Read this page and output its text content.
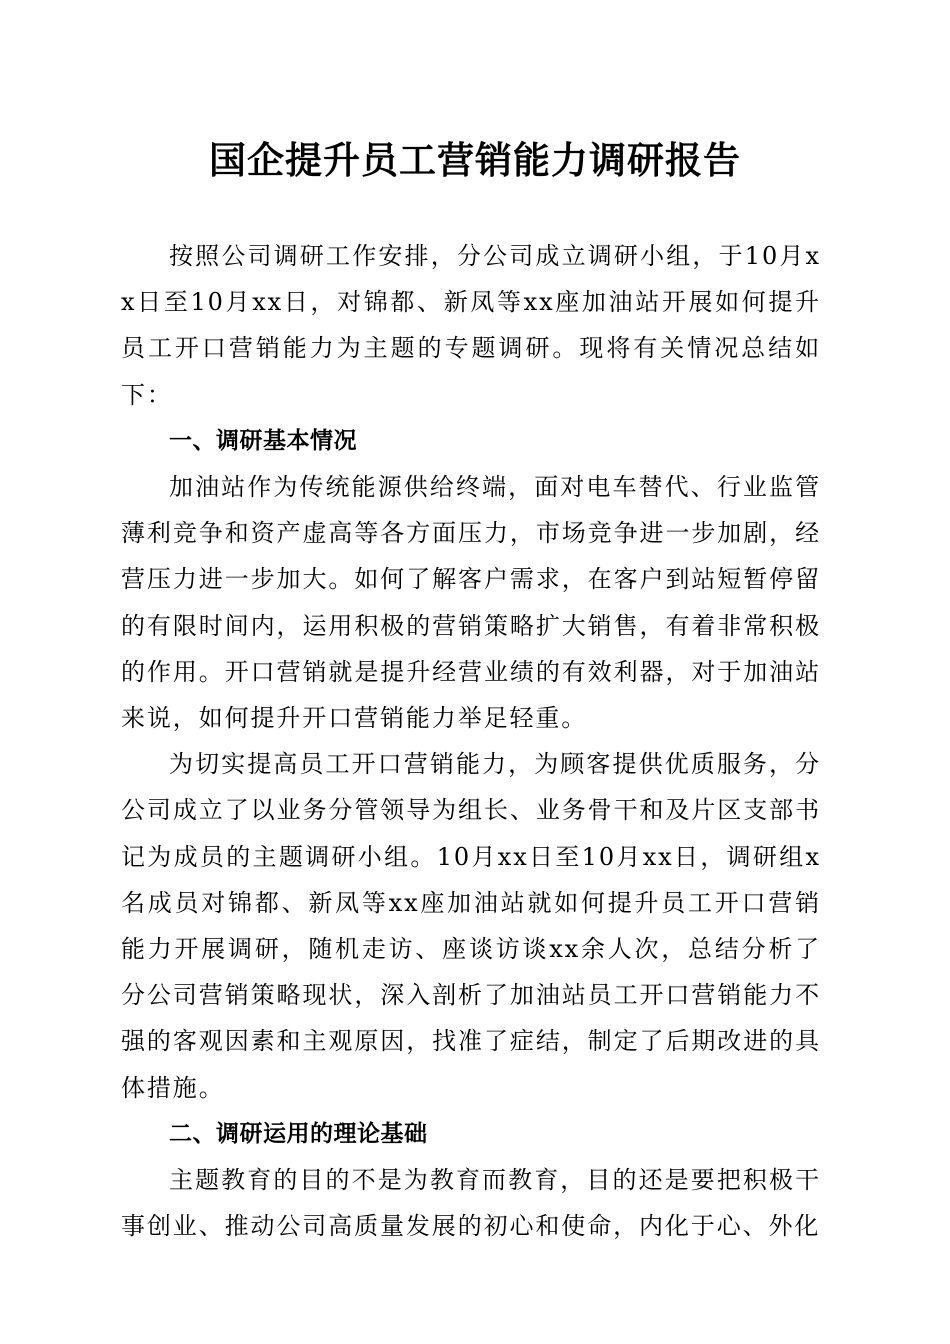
国企提升员工营销能力调研报告

按照公司调研工作安排，分公司成立调研小组，于10月xx日至10月xx日，对锦都、新凤等xx座加油站开展如何提升员工开口营销能力为主题的专题调研。现将有关情况总结如下：

一、调研基本情况

加油站作为传统能源供给终端，面对电车替代、行业监管薄利竞争和资产虚高等各方面压力，市场竞争进一步加剧，经营压力进一步加大。如何了解客户需求，在客户到站短暂停留的有限时间内，运用积极的营销策略扩大销售，有着非常积极的作用。开口营销就是提升经营业绩的有效利器，对于加油站来说，如何提升开口营销能力举足轻重。

为切实提高员工开口营销能力，为顾客提供优质服务，分公司成立了以业务分管领导为组长、业务骨干和及片区支部书记为成员的主题调研小组。10月xx日至10月xx日，调研组x名成员对锦都、新凤等xx座加油站就如何提升员工开口营销能力开展调研，随机走访、座谈访谈xx余人次，总结分析了分公司营销策略现状，深入剖析了加油站员工开口营销能力不强的客观因素和主观原因，找准了症结，制定了后期改进的具体措施。

二、调研运用的理论基础

主题教育的目的不是为教育而教育，目的还是要把积极干事创业、推动公司高质量发展的初心和使命，内化于心、外化
